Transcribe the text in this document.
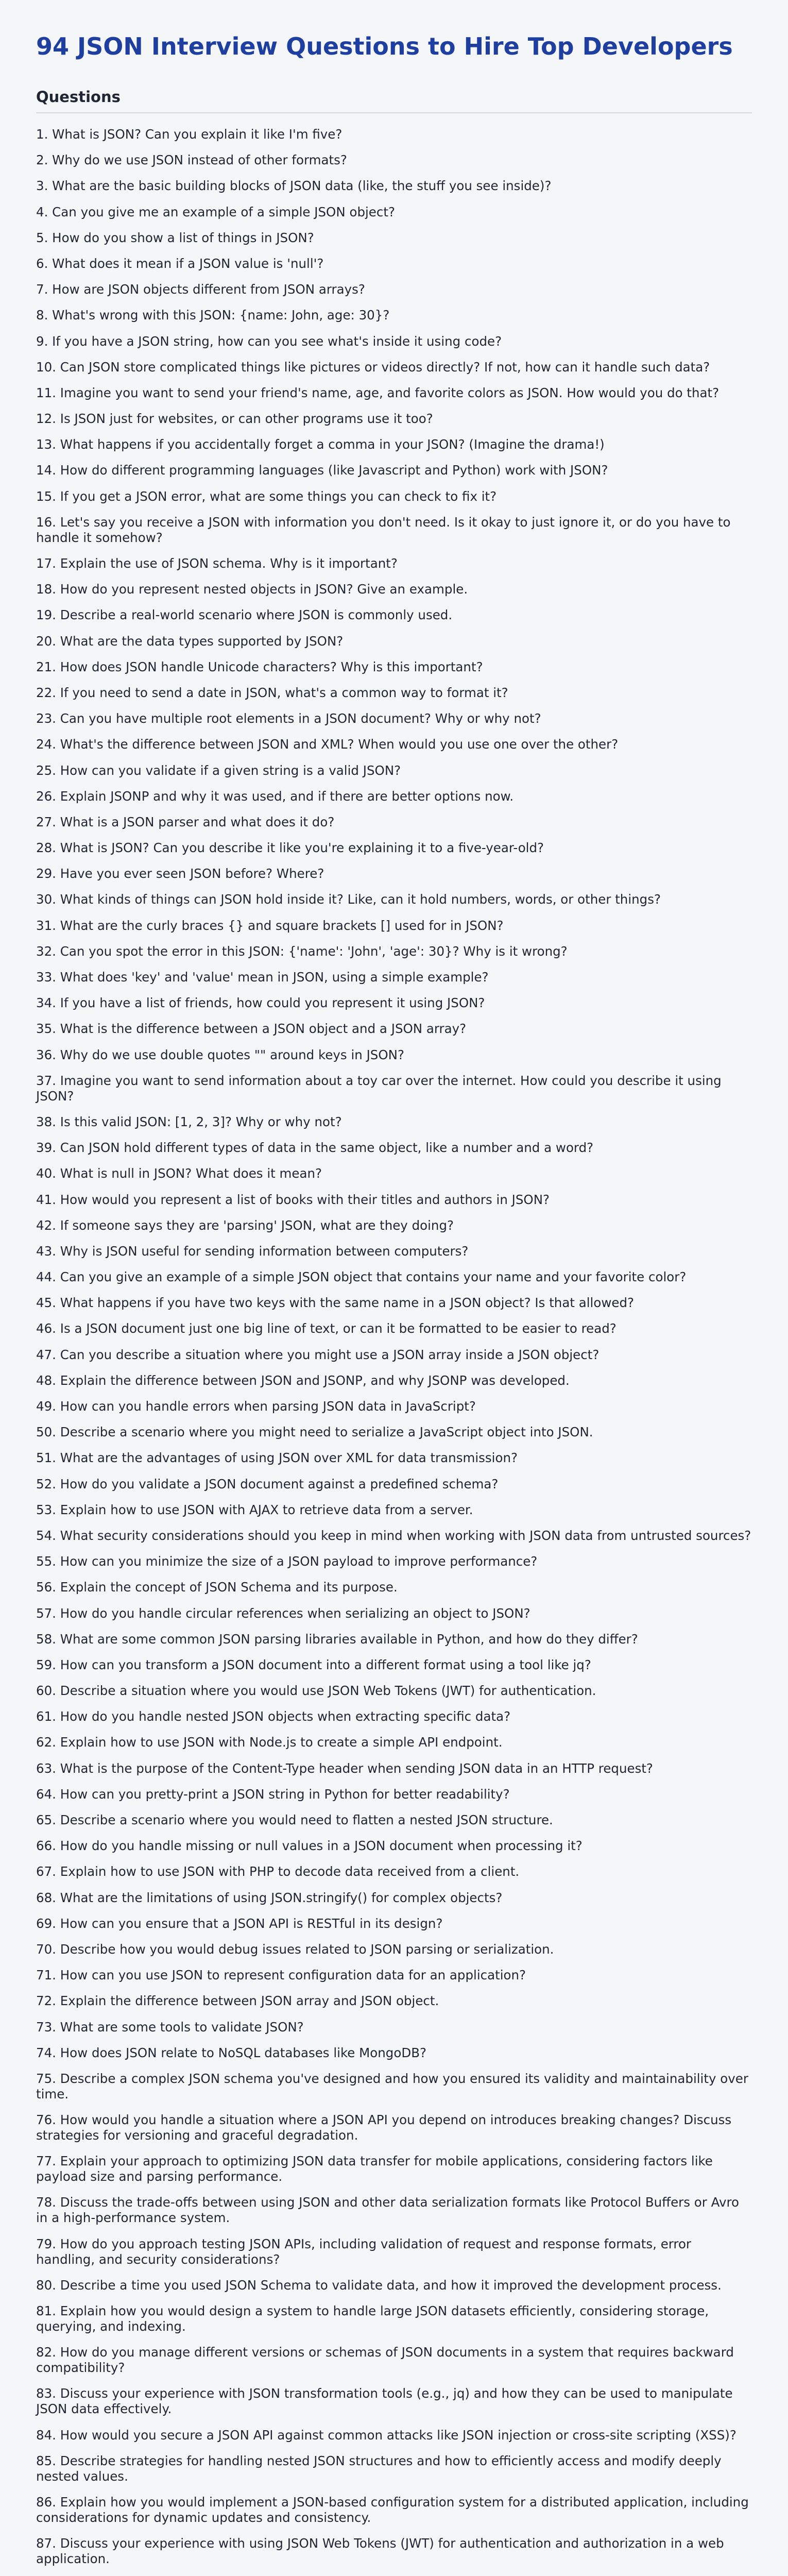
94 JSON Interview Questions to Hire Top Developers
Questions
1. What is JSON? Can you explain it like I'm five?
2. Why do we use JSON instead of other formats?
3. What are the basic building blocks of JSON data (like, the stuff you see inside)?
4. Can you give me an example of a simple JSON object?
5. How do you show a list of things in JSON?
6. What does it mean if a JSON value is 'null'?
7. How are JSON objects different from JSON arrays?
8. What's wrong with this JSON: {name: John, age: 30}?
9. If you have a JSON string, how can you see what's inside it using code?
10. Can JSON store complicated things like pictures or videos directly? If not, how can it handle such data?
11. Imagine you want to send your friend's name, age, and favorite colors as JSON. How would you do that?
12. Is JSON just for websites, or can other programs use it too?
13. What happens if you accidentally forget a comma in your JSON? (Imagine the drama!)
14. How do different programming languages (like Javascript and Python) work with JSON?
15. If you get a JSON error, what are some things you can check to fix it?
16. Let's say you receive a JSON with information you don't need. Is it okay to just ignore it, or do you have to handle it somehow?
17. Explain the use of JSON schema. Why is it important?
18. How do you represent nested objects in JSON? Give an example.
19. Describe a real-world scenario where JSON is commonly used.
20. What are the data types supported by JSON?
21. How does JSON handle Unicode characters? Why is this important?
22. If you need to send a date in JSON, what's a common way to format it?
23. Can you have multiple root elements in a JSON document? Why or why not?
24. What's the difference between JSON and XML? When would you use one over the other?
25. How can you validate if a given string is a valid JSON?
26. Explain JSONP and why it was used, and if there are better options now.
27. What is a JSON parser and what does it do?
28. What is JSON? Can you describe it like you're explaining it to a five-year-old?
29. Have you ever seen JSON before? Where?
30. What kinds of things can JSON hold inside it? Like, can it hold numbers, words, or other things?
31. What are the curly braces {} and square brackets [] used for in JSON?
32. Can you spot the error in this JSON: {'name': 'John', 'age': 30}? Why is it wrong?
33. What does 'key' and 'value' mean in JSON, using a simple example?
34. If you have a list of friends, how could you represent it using JSON?
35. What is the difference between a JSON object and a JSON array?
36. Why do we use double quotes "" around keys in JSON?
37. Imagine you want to send information about a toy car over the internet. How could you describe it using JSON?
38. Is this valid JSON: [1, 2, 3]? Why or why not?
39. Can JSON hold different types of data in the same object, like a number and a word?
40. What is null in JSON? What does it mean?
41. How would you represent a list of books with their titles and authors in JSON?
42. If someone says they are 'parsing' JSON, what are they doing?
43. Why is JSON useful for sending information between computers?
44. Can you give an example of a simple JSON object that contains your name and your favorite color?
45. What happens if you have two keys with the same name in a JSON object? Is that allowed?
46. Is a JSON document just one big line of text, or can it be formatted to be easier to read?
47. Can you describe a situation where you might use a JSON array inside a JSON object?
48. Explain the difference between JSON and JSONP, and why JSONP was developed.
49. How can you handle errors when parsing JSON data in JavaScript?
50. Describe a scenario where you might need to serialize a JavaScript object into JSON.
51. What are the advantages of using JSON over XML for data transmission?
52. How do you validate a JSON document against a predefined schema?
53. Explain how to use JSON with AJAX to retrieve data from a server.
54. What security considerations should you keep in mind when working with JSON data from untrusted sources?
55. How can you minimize the size of a JSON payload to improve performance?
56. Explain the concept of JSON Schema and its purpose.
57. How do you handle circular references when serializing an object to JSON?
58. What are some common JSON parsing libraries available in Python, and how do they differ?
59. How can you transform a JSON document into a different format using a tool like jq?
60. Describe a situation where you would use JSON Web Tokens (JWT) for authentication.
61. How do you handle nested JSON objects when extracting specific data?
62. Explain how to use JSON with Node.js to create a simple API endpoint.
63. What is the purpose of the Content-Type header when sending JSON data in an HTTP request?
64. How can you pretty-print a JSON string in Python for better readability?
65. Describe a scenario where you would need to flatten a nested JSON structure.
66. How do you handle missing or null values in a JSON document when processing it?
67. Explain how to use JSON with PHP to decode data received from a client.
68. What are the limitations of using JSON.stringify() for complex objects?
69. How can you ensure that a JSON API is RESTful in its design?
70. Describe how you would debug issues related to JSON parsing or serialization.
71. How can you use JSON to represent configuration data for an application?
72. Explain the difference between JSON array and JSON object.
73. What are some tools to validate JSON?
74. How does JSON relate to NoSQL databases like MongoDB?
75. Describe a complex JSON schema you've designed and how you ensured its validity and maintainability over time.
76. How would you handle a situation where a JSON API you depend on introduces breaking changes? Discuss strategies for versioning and graceful degradation.
77. Explain your approach to optimizing JSON data transfer for mobile applications, considering factors like payload size and parsing performance.
78. Discuss the trade-offs between using JSON and other data serialization formats like Protocol Buffers or Avro in a high-performance system.
79. How do you approach testing JSON APIs, including validation of request and response formats, error handling, and security considerations?
80. Describe a time you used JSON Schema to validate data, and how it improved the development process.
81. Explain how you would design a system to handle large JSON datasets efficiently, considering storage, querying, and indexing.
82. How do you manage different versions or schemas of JSON documents in a system that requires backward compatibility?
83. Discuss your experience with JSON transformation tools (e.g., jq) and how they can be used to manipulate JSON data effectively.
84. How would you secure a JSON API against common attacks like JSON injection or cross-site scripting (XSS)?
85. Describe strategies for handling nested JSON structures and how to efficiently access and modify deeply nested values.
86. Explain how you would implement a JSON-based configuration system for a distributed application, including considerations for dynamic updates and consistency.
87. Discuss your experience with using JSON Web Tokens (JWT) for authentication and authorization in a web application.
